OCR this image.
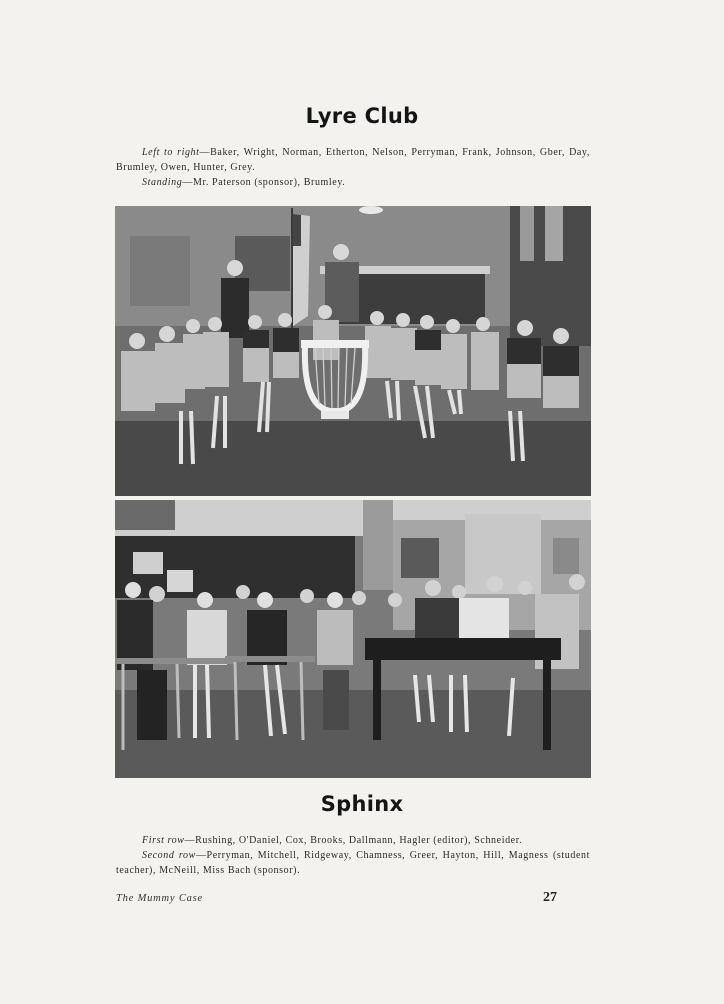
Lyre Club

Left to right—Baker, Wright, Norman, Etherton, Nelson, Perryman, Frank, Johnson, Gber, Day, Brumley, Owen, Hunter, Grey.

Standing—Mr. Paterson (sponsor), Brumley.

Sphinx

First row—Rushing, O'Daniel, Cox, Brooks, Dallmann, Hagler (editor), Schneider.

Second row—Perryman, Mitchell, Ridgeway, Chamness, Greer, Hayton, Hill, Magness (student teacher), McNeill, Miss Bach (sponsor).

The Mummy Case	27
